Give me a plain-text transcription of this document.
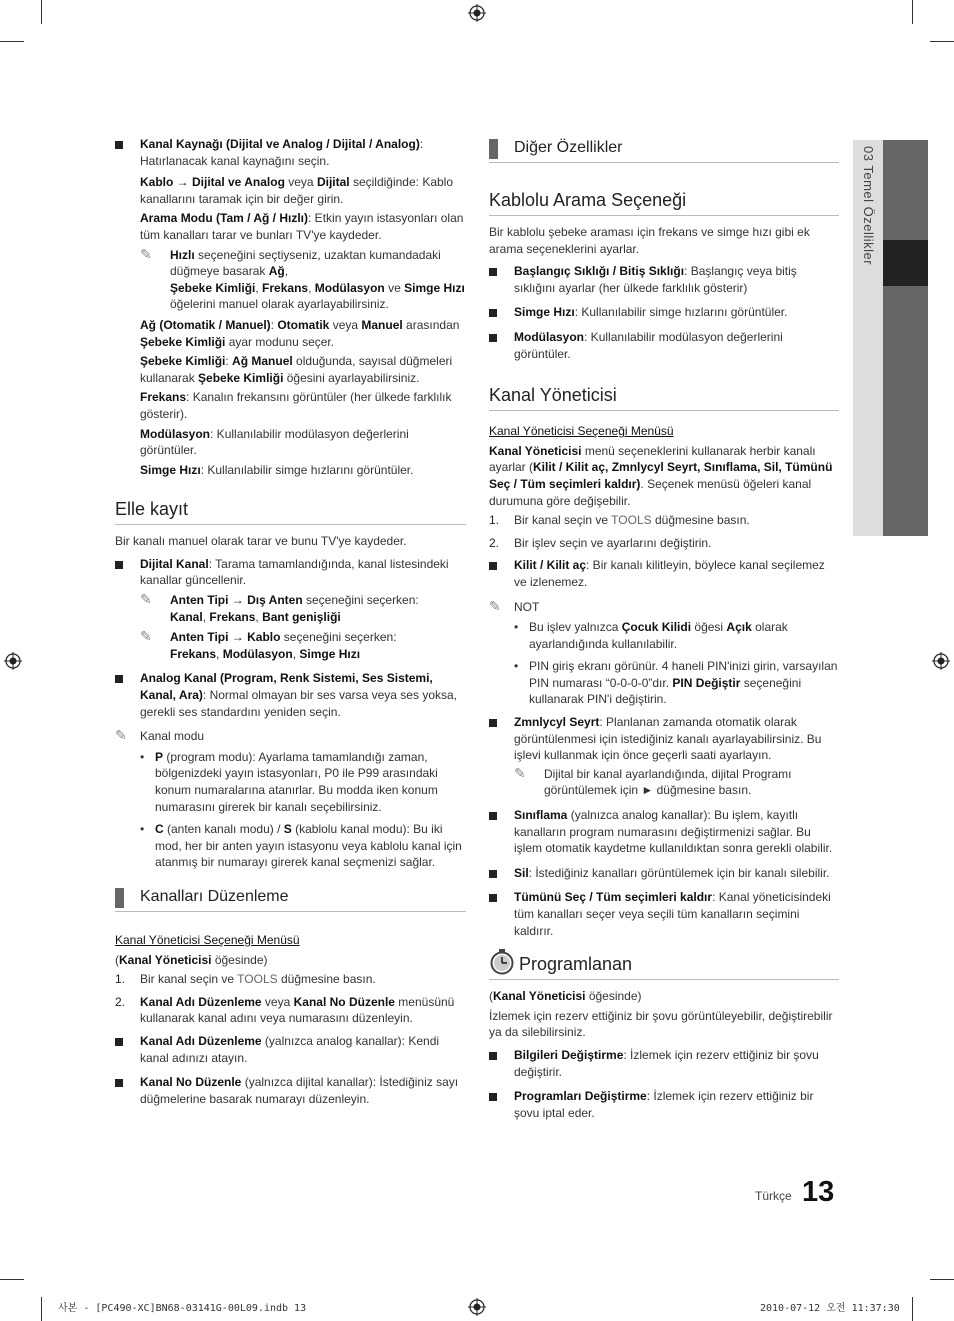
03 Temel Özellikler

Kanal Kaynağı (Dijital ve Analog / Dijital / Analog): Hatırlanacak kanal kaynağını seçin.

Kablo → Dijital ve Analog veya Dijital seçildiğinde: Kablo kanallarını taramak için bir değer girin.

Arama Modu (Tam / Ağ / Hızlı): Etkin yayın istasyonları olan tüm kanalları tarar ve bunları TV'ye kaydeder.

✎ Hızlı seçeneğini seçtiyseniz, uzaktan kumandadaki düğmeye basarak Ağ,
Şebeke Kimliği, Frekans, Modülasyon ve Simge Hızı öğelerini manuel olarak ayarlayabilirsiniz.

Ağ (Otomatik / Manuel): Otomatik veya Manuel arasından Şebeke Kimliği ayar modunu seçer.

Şebeke Kimliği: Ağ Manuel olduğunda, sayısal düğmeleri kullanarak Şebeke Kimliği öğesini ayarlayabilirsiniz.

Frekans: Kanalın frekansını görüntüler (her ülkede farklılık gösterir).

Modülasyon: Kullanılabilir modülasyon değerlerini görüntüler.

Simge Hızı: Kullanılabilir simge hızlarını görüntüler.

Elle kayıt

Bir kanalı manuel olarak tarar ve bunu TV'ye kaydeder.

Dijital Kanal: Tarama tamamlandığında, kanal listesindeki kanallar güncellenir.

✎ Anten Tipi → Dış Anten seçeneğini seçerken:
Kanal, Frekans, Bant genişliği
✎ Anten Tipi → Kablo seçeneğini seçerken:
Frekans, Modülasyon, Simge Hızı

Analog Kanal (Program, Renk Sistemi, Ses Sistemi, Kanal, Ara): Normal olmayan bir ses varsa veya ses yoksa, gerekli ses standardını yeniden seçin.

✎ Kanal modu
• P (program modu): Ayarlama tamamlandığı zaman, bölgenizdeki yayın istasyonları, P0 ile P99 arasındaki konum numaralarına atanırlar. Bu modda iken konum numarasını girerek bir kanalı seçebilirsiniz.
• C (anten kanalı modu) / S (kablolu kanal modu): Bu iki mod, her bir anten yayın istasyonu veya kablolu kanal için atanmış bir numarayı girerek kanal seçmenizi sağlar.
Kanalları Düzenleme
Kanal Yöneticisi Seçeneği Menüsü

(Kanal Yöneticisi öğesinde)

1. Bir kanal seçin ve TOOLS düğmesine basın.
2. Kanal Adı Düzenleme veya Kanal No Düzenle menüsünü kullanarak kanal adını veya numarasını düzenleyin.
Kanal Adı Düzenleme (yalnızca analog kanallar): Kendi kanal adınızı atayın.
Kanal No Düzenle (yalnızca dijital kanallar): İstediğiniz sayı düğmelerine basarak numarayı düzenleyin.
Diğer Özellikler
Kablolu Arama Seçeneği

Bir kablolu şebeke araması için frekans ve simge hızı gibi ek arama seçeneklerini ayarlar.

Başlangıç Sıklığı / Bitiş Sıklığı: Başlangıç veya bitiş sıklığını ayarlar (her ülkede farklılık gösterir)
Simge Hızı: Kullanılabilir simge hızlarını görüntüler.
Modülasyon: Kullanılabilir modülasyon değerlerini görüntüler.
Kanal Yöneticisi
Kanal Yöneticisi Seçeneği Menüsü

Kanal Yöneticisi menü seçeneklerini kullanarak herbir kanalı ayarlar (Kilit / Kilit aç, Zmnlycyl Seyrt, Sınıflama, Sil, Tümünü Seç / Tüm seçimleri kaldır). Seçenek menüsü öğeleri kanal durumuna göre değişebilir.

1. Bir kanal seçin ve TOOLS düğmesine basın.
2. Bir işlev seçin ve ayarlarını değiştirin.
Kilit / Kilit aç: Bir kanalı kilitleyin, böylece kanal seçilemez ve izlenemez.
✎ NOT
• Bu işlev yalnızca Çocuk Kilidi öğesi Açık olarak ayarlandığında kullanılabilir.
• PIN giriş ekranı görünür. 4 haneli PIN'inizi girin, varsayılan PIN numarası “0-0-0-0”dır. PIN Değiştir seçeneğini kullanarak PIN'i değiştirin.
Zmnlycyl Seyrt: Planlanan zamanda otomatik olarak görüntülenmesi için istediğiniz kanalı ayarlayabilirsiniz. Bu işlevi kullanmak için önce geçerli saati ayarlayın.
✎ Dijital bir kanal ayarlandığında, dijital Programı görüntülemek için ► düğmesine basın.
Sınıflama (yalnızca analog kanallar): Bu işlem, kayıtlı kanalların program numarasını değiştirmenizi sağlar. Bu işlem otomatik kaydetme kullanıldıktan sonra gerekli olabilir.
Sil: İstediğiniz kanalları görüntülemek için bir kanalı silebilir.
Tümünü Seç / Tüm seçimleri kaldır: Kanal yöneticisindeki tüm kanalları seçer veya seçili tüm kanalların seçimini kaldırır.
Programlanan

(Kanal Yöneticisi öğesinde)

İzlemek için rezerv ettiğiniz bir şovu görüntüleyebilir, değiştirebilir ya da silebilirsiniz.

Bilgileri Değiştirme: İzlemek için rezerv ettiğiniz bir şovu değiştirir.
Programları Değiştirme: İzlemek için rezerv ettiğiniz bir şovu iptal eder.
Türkçe 13
사본 - [PC490-XC]BN68-03141G-00L09.indb 13	2010-07-12 오전 11:37:30
